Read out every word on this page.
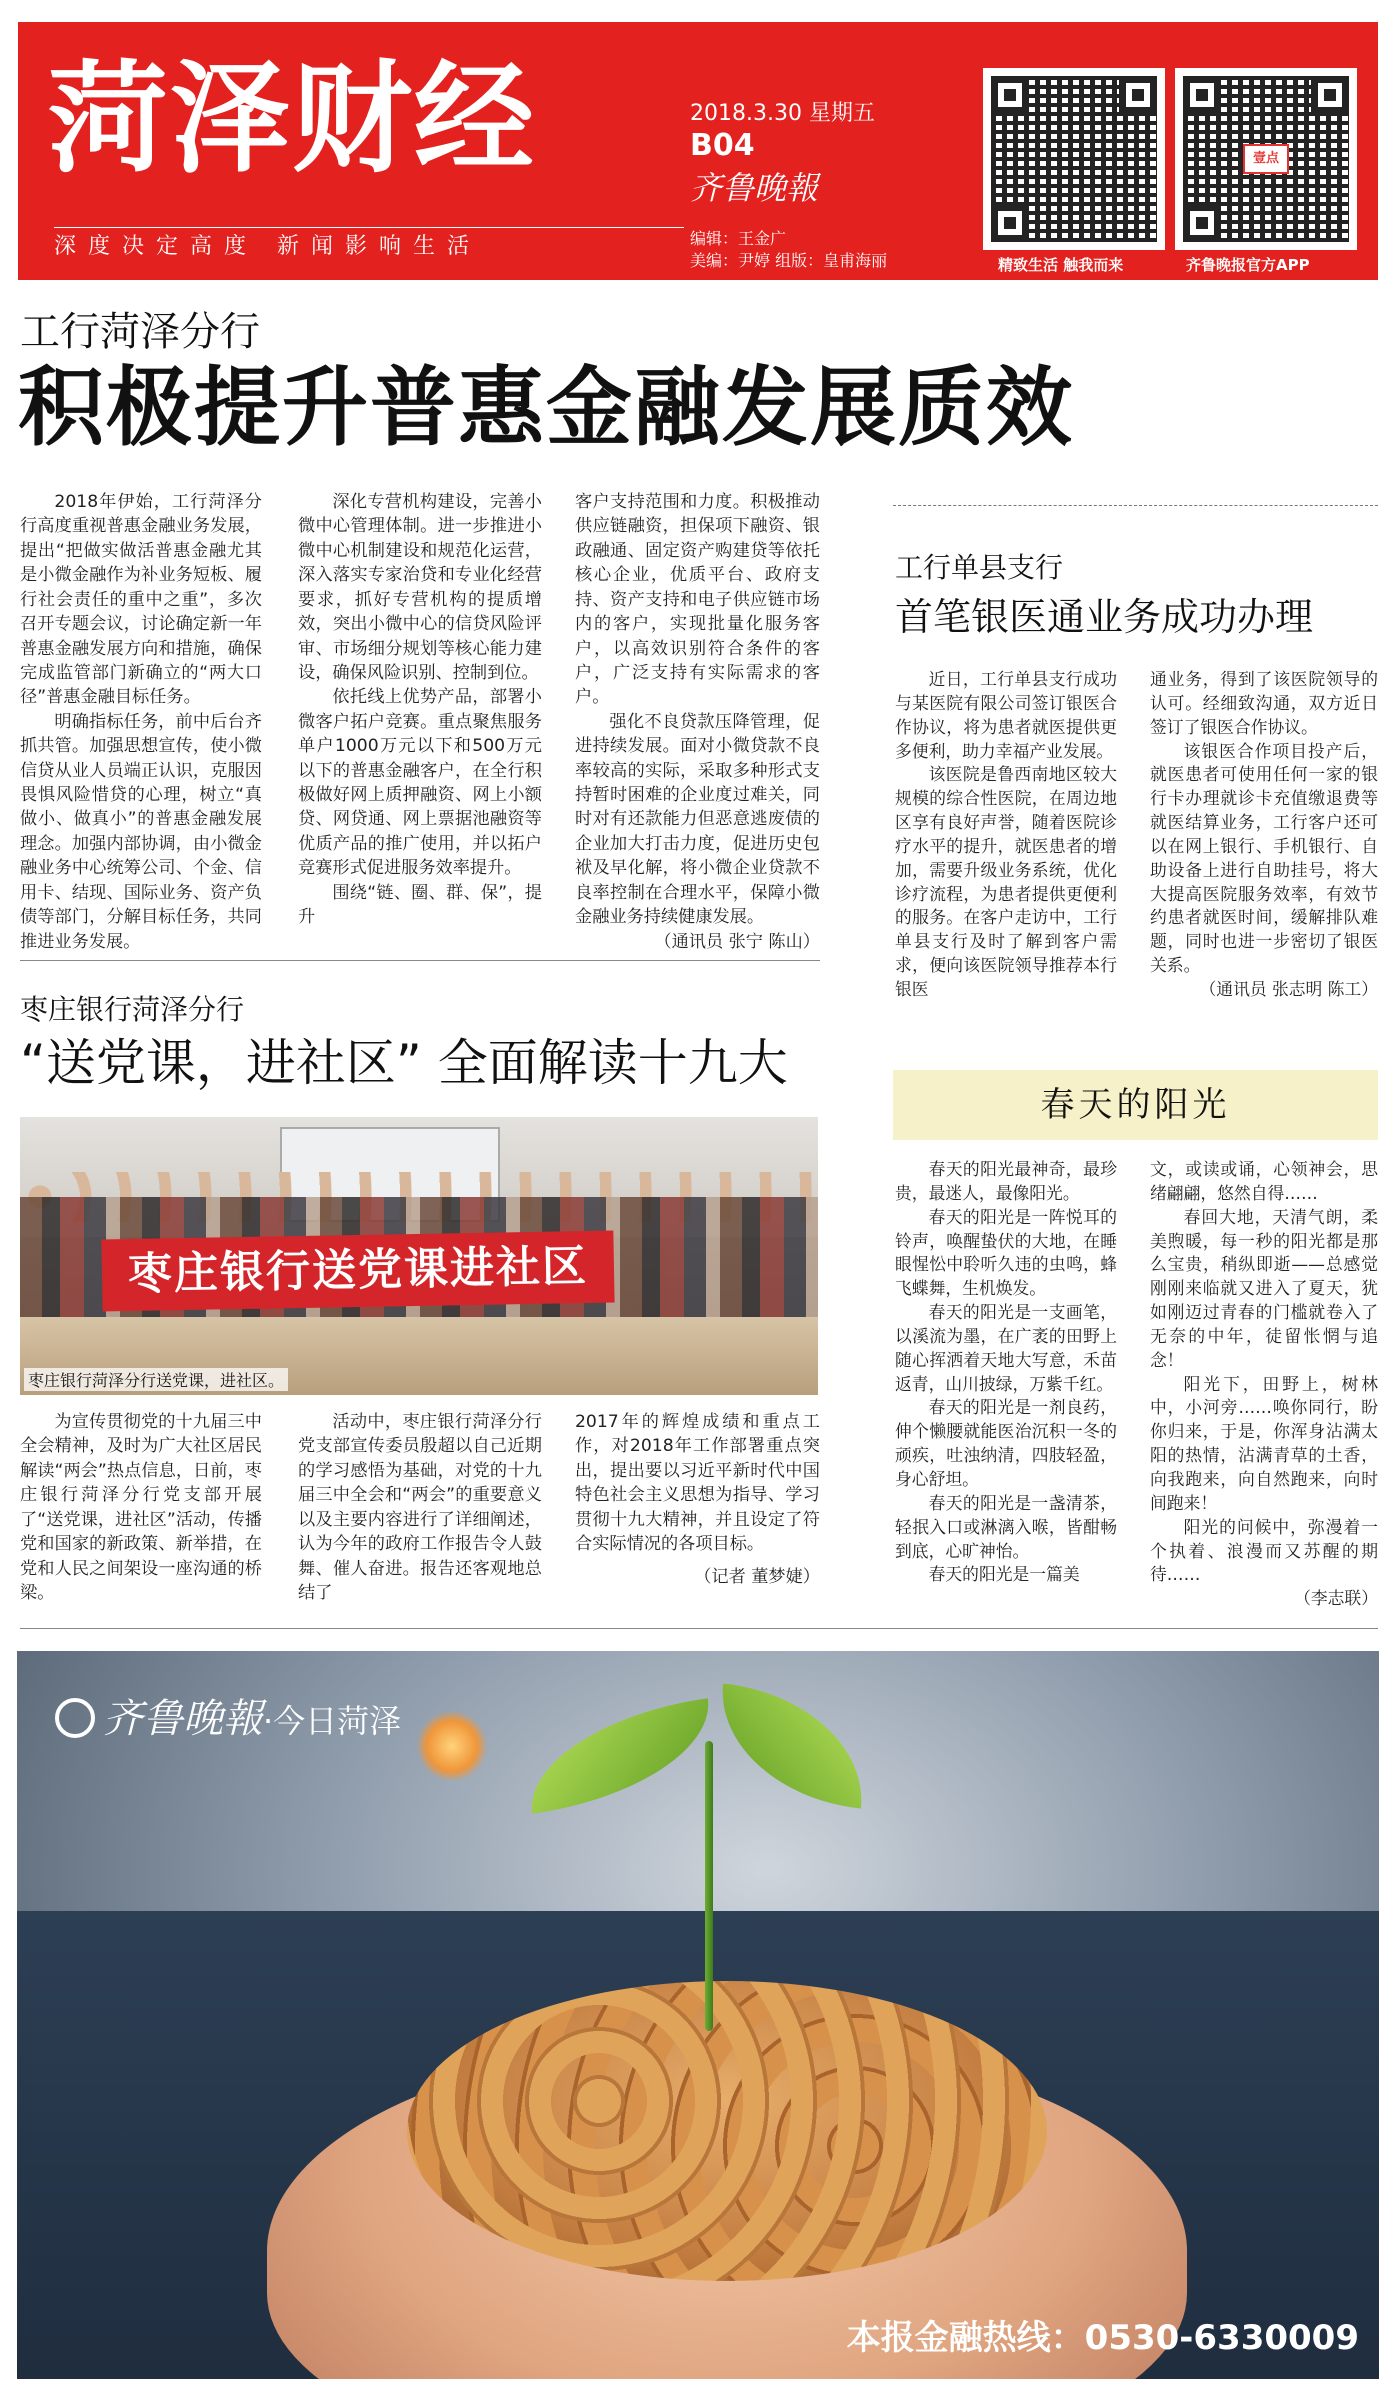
菏泽财经
深度决定高度 新闻影响生活
2018.3.30 星期五
B04
齐鲁晚報
编辑：王金广
美编：尹婷 组版：皇甫海丽	精致生活 触我而来
壹点
齐鲁晚报官方APP
工行菏泽分行
积极提升普惠金融发展质效

2018年伊始，工行菏泽分行高度重视普惠金融业务发展，提出“把做实做活普惠金融尤其是小微金融作为补业务短板、履行社会责任的重中之重”，多次召开专题会议，讨论确定新一年普惠金融发展方向和措施，确保完成监管部门新确立的“两大口径”普惠金融目标任务。

明确指标任务，前中后台齐抓共管。加强思想宣传，使小微信贷从业人员端正认识，克服因畏惧风险惜贷的心理，树立“真做小、做真小”的普惠金融发展理念。加强内部协调，由小微金融业务中心统筹公司、个金、信用卡、结现、国际业务、资产负债等部门，分解目标任务，共同推进业务发展。

深化专营机构建设，完善小微中心管理体制。进一步推进小微中心机制建设和规范化运营，深入落实专家治贷和专业化经营要求，抓好专营机构的提质增效，突出小微中心的信贷风险评审、市场细分规划等核心能力建设，确保风险识别、控制到位。

依托线上优势产品，部署小微客户拓户竞赛。重点聚焦服务单户1000万元以下和500万元以下的普惠金融客户，在全行积极做好网上质押融资、网上小额贷、网贷通、网上票据池融资等优质产品的推广使用，并以拓户竞赛形式促进服务效率提升。

围绕“链、圈、群、保”，提升

客户支持范围和力度。积极推动供应链融资，担保项下融资、银政融通、固定资产购建贷等依托核心企业，优质平台、政府支持、资产支持和电子供应链市场内的客户，实现批量化服务客户，以高效识别符合条件的客户，广泛支持有实际需求的客户。

强化不良贷款压降管理，促进持续发展。面对小微贷款不良率较高的实际，采取多种形式支持暂时困难的企业度过难关，同时对有还款能力但恶意逃废债的企业加大打击力度，促进历史包袱及早化解，将小微企业贷款不良率控制在合理水平，保障小微金融业务持续健康发展。

（通讯员 张宁 陈山）

工行单县支行
首笔银医通业务成功办理

近日，工行单县支行成功与某医院有限公司签订银医合作协议，将为患者就医提供更多便利，助力幸福产业发展。

该医院是鲁西南地区较大规模的综合性医院，在周边地区享有良好声誉，随着医院诊疗水平的提升，就医患者的增加，需要升级业务系统，优化诊疗流程，为患者提供更便利的服务。在客户走访中，工行单县支行及时了解到客户需求，便向该医院领导推荐本行银医

通业务，得到了该医院领导的认可。经细致沟通，双方近日签订了银医合作协议。

该银医合作项目投产后，就医患者可使用任何一家的银行卡办理就诊卡充值缴退费等就医结算业务，工行客户还可以在网上银行、手机银行、自助设备上进行自助挂号，将大大提高医院服务效率，有效节约患者就医时间，缓解排队难题，同时也进一步密切了银医关系。

（通讯员 张志明 陈工）

枣庄银行菏泽分行
“送党课，进社区” 全面解读十九大
枣庄银行送党课进社区
枣庄银行菏泽分行送党课，进社区。

为宣传贯彻党的十九届三中全会精神，及时为广大社区居民解读“两会”热点信息，日前，枣庄银行菏泽分行党支部开展了“送党课，进社区”活动，传播党和国家的新政策、新举措，在党和人民之间架设一座沟通的桥梁。

活动中，枣庄银行菏泽分行党支部宣传委员殷超以自己近期的学习感悟为基础，对党的十九届三中全会和“两会”的重要意义以及主要内容进行了详细阐述，认为今年的政府工作报告令人鼓舞、催人奋进。报告还客观地总结了

2017年的辉煌成绩和重点工作，对2018年工作部署重点突出，提出要以习近平新时代中国特色社会主义思想为指导、学习贯彻十九大精神，并且设定了符合实际情况的各项目标。

（记者 董梦婕）

春天的阳光

春天的阳光最神奇，最珍贵，最迷人，最像阳光。

春天的阳光是一阵悦耳的铃声，唤醒蛰伏的大地，在睡眼惺忪中聆听久违的虫鸣，蜂飞蝶舞，生机焕发。

春天的阳光是一支画笔，以溪流为墨，在广袤的田野上随心挥洒着天地大写意，禾苗返青，山川披绿，万紫千红。

春天的阳光是一剂良药，伸个懒腰就能医治沉积一冬的顽疾，吐浊纳清，四肢轻盈，身心舒坦。

春天的阳光是一盏清茶，轻抿入口或淋漓入喉，皆酣畅到底，心旷神怡。

春天的阳光是一篇美

文，或读或诵，心领神会，思绪翩翩，悠然自得……

春回大地，天清气朗，柔美煦暖，每一秒的阳光都是那么宝贵，稍纵即逝——总感觉刚刚来临就又进入了夏天，犹如刚迈过青春的门槛就卷入了无奈的中年，徒留怅惘与追念！

阳光下，田野上，树林中，小河旁……唤你同行，盼你归来，于是，你浑身沾满太阳的热情，沾满青草的土香，向我跑来，向自然跑来，向时间跑来！

阳光的问候中，弥漫着一个执着、浪漫而又苏醒的期待……

（李志联）

齐鲁晚報·今日菏泽
本报金融热线：0530-6330009
